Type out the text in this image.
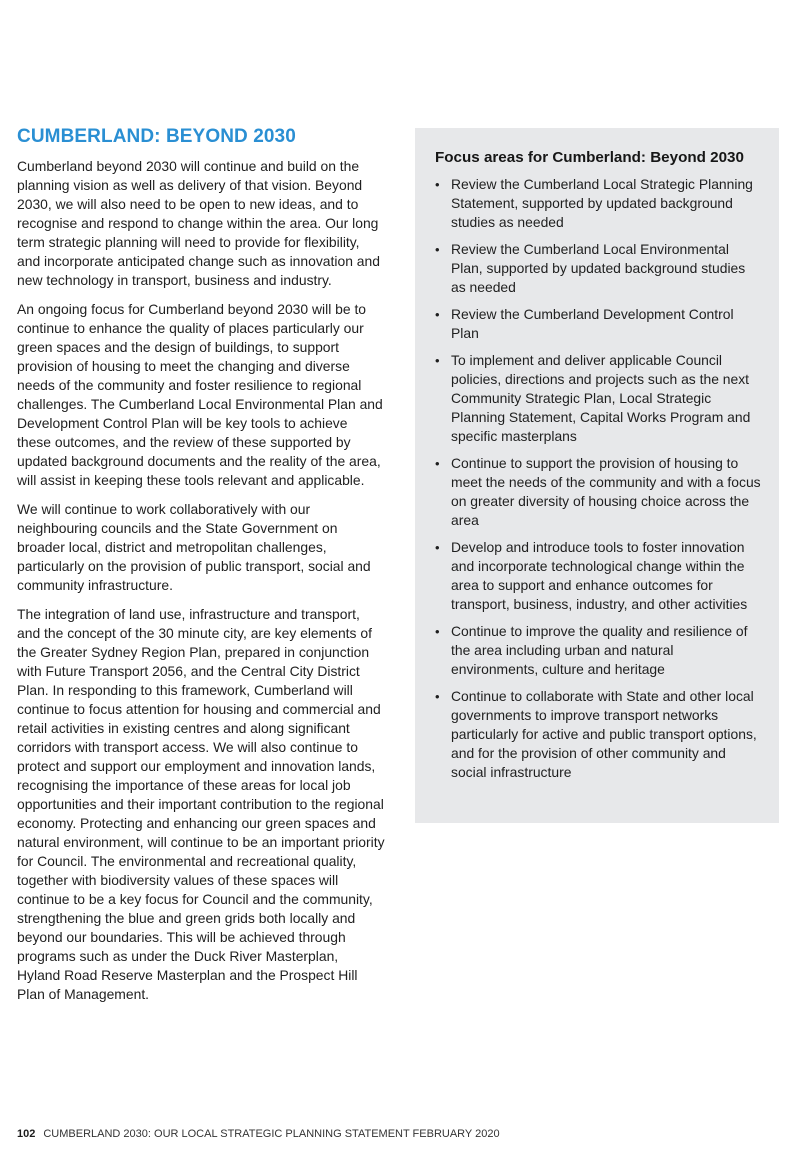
CUMBERLAND: BEYOND 2030

Cumberland beyond 2030 will continue and build on the planning vision as well as delivery of that vision. Beyond 2030, we will also need to be open to new ideas, and to recognise and respond to change within the area. Our long term strategic planning will need to provide for flexibility, and incorporate anticipated change such as innovation and new technology in transport, business and industry.

An ongoing focus for Cumberland beyond 2030 will be to continue to enhance the quality of places particularly our green spaces and the design of buildings, to support provision of housing to meet the changing and diverse needs of the community and foster resilience to regional challenges. The Cumberland Local Environmental Plan and Development Control Plan will be key tools to achieve these outcomes, and the review of these supported by updated background documents and the reality of the area, will assist in keeping these tools relevant and applicable.

We will continue to work collaboratively with our neighbouring councils and the State Government on broader local, district and metropolitan challenges, particularly on the provision of public transport, social and community infrastructure.

The integration of land use, infrastructure and transport, and the concept of the 30 minute city, are key elements of the Greater Sydney Region Plan, prepared in conjunction with Future Transport 2056, and the Central City District Plan. In responding to this framework, Cumberland will continue to focus attention for housing and commercial and retail activities in existing centres and along significant corridors with transport access. We will also continue to protect and support our employment and innovation lands, recognising the importance of these areas for local job opportunities and their important contribution to the regional economy. Protecting and enhancing our green spaces and natural environment, will continue to be an important priority for Council. The environmental and recreational quality, together with biodiversity values of these spaces will continue to be a key focus for Council and the community, strengthening the blue and green grids both locally and beyond our boundaries. This will be achieved through programs such as under the Duck River Masterplan, Hyland Road Reserve Masterplan and the Prospect Hill Plan of Management.

Focus areas for Cumberland: Beyond 2030
• Review the Cumberland Local Strategic Planning Statement, supported by updated background studies as needed
• Review the Cumberland Local Environmental Plan, supported by updated background studies as needed
• Review the Cumberland Development Control Plan
• To implement and deliver applicable Council policies, directions and projects such as the next Community Strategic Plan, Local Strategic Planning Statement, Capital Works Program and specific masterplans
• Continue to support the provision of housing to meet the needs of the community and with a focus on greater diversity of housing choice across the area
• Develop and introduce tools to foster innovation and incorporate technological change within the area to support and enhance outcomes for transport, business, industry, and other activities
• Continue to improve the quality and resilience of the area including urban and natural environments, culture and heritage
• Continue to collaborate with State and other local governments to improve transport networks particularly for active and public transport options, and for the provision of other community and social infrastructure
102 CUMBERLAND 2030: OUR LOCAL STRATEGIC PLANNING STATEMENT FEBRUARY 2020
